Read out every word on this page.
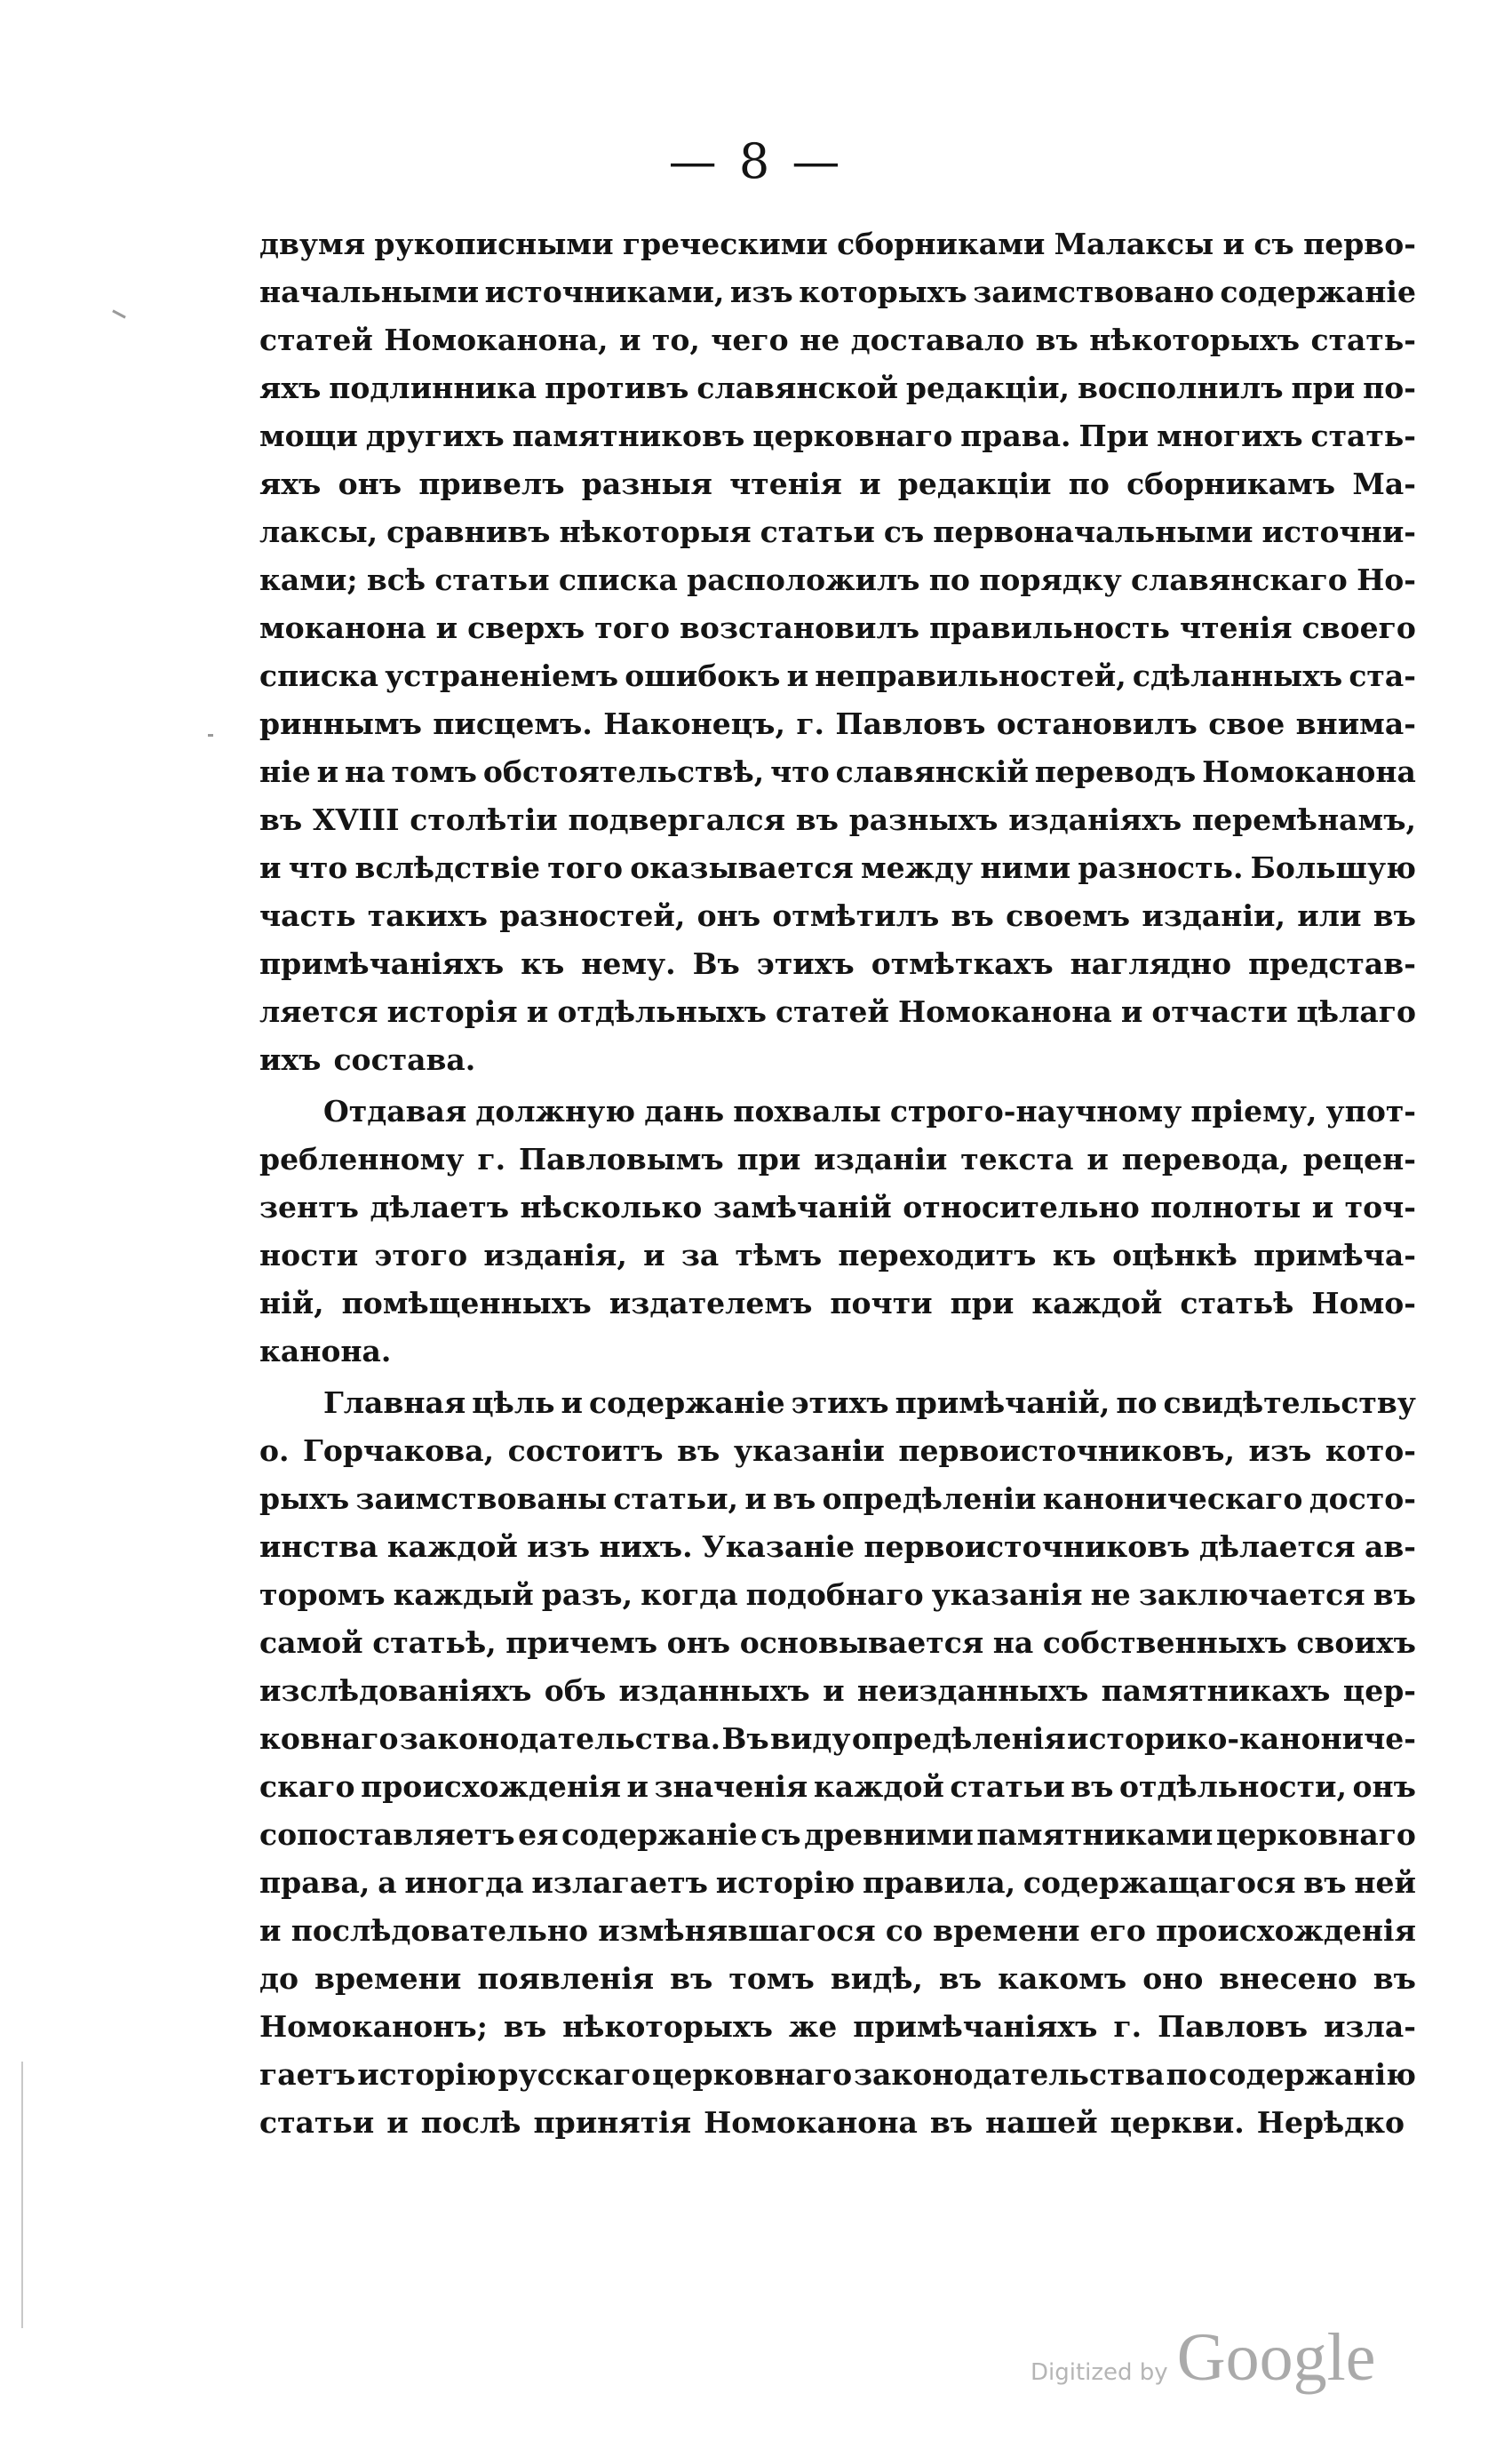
— 8 —
двумя рукописными греческими сборниками Малаксы и съ перво-
начальными источниками, изъ которыхъ заимствовано содержаніе
статей Номоканона, и то, чего не доставало въ нѣкоторыхъ стать-
яхъ подлинника противъ славянской редакціи, восполнилъ при по-
мощи другихъ памятниковъ церковнаго права. При многихъ стать-
яхъ онъ привелъ разныя чтенія и редакціи по сборникамъ Ма-
лаксы, сравнивъ нѣкоторыя статьи съ первоначальными источни-
ками; всѣ статьи списка расположилъ по порядку славянскаго Но-
моканона и сверхъ того возстановилъ правильность чтенія своего
списка устраненіемъ ошибокъ и неправильностей, сдѣланныхъ ста-
риннымъ писцемъ. Наконецъ, г. Павловъ остановилъ свое внима-
ніе и на томъ обстоятельствѣ, что славянскій переводъ Номоканона
въ XVIII столѣтіи подвергался въ разныхъ изданіяхъ перемѣнамъ,
и что вслѣдствіе того оказывается между ними разность. Большую
часть такихъ разностей, онъ отмѣтилъ въ своемъ изданіи, или въ
примѣчаніяхъ къ нему. Въ этихъ отмѣткахъ наглядно представ-
ляется исторія и отдѣльныхъ статей Номоканона и отчасти цѣлаго
ихъ состава.
Отдавая должную дань похвалы строго-научному пріему, упот-
ребленному г. Павловымъ при изданіи текста и перевода, рецен-
зентъ дѣлаетъ нѣсколько замѣчаній относительно полноты и точ-
ности этого изданія, и за тѣмъ переходитъ къ оцѣнкѣ примѣча-
ній, помѣщенныхъ издателемъ почти при каждой статьѣ Номо-
канона.
Главная цѣль и содержаніе этихъ примѣчаній, по свидѣтельству
о. Горчакова, состоитъ въ указаніи первоисточниковъ, изъ кото-
рыхъ заимствованы статьи, и въ опредѣленіи каноническаго досто-
инства каждой изъ нихъ. Указаніе первоисточниковъ дѣлается ав-
торомъ каждый разъ, когда подобнаго указанія не заключается въ
самой статьѣ, причемъ онъ основывается на собственныхъ своихъ
изслѣдованіяхъ объ изданныхъ и неизданныхъ памятникахъ цер-
ковнаго законодательства. Въ виду опредѣленія историко-канониче-
скаго происхожденія и значенія каждой статьи въ отдѣльности, онъ
сопоставляетъ ея содержаніе съ древними памятниками церковнаго
права, а иногда излагаетъ исторію правила, содержащагося въ ней
и послѣдовательно измѣнявшагося со времени его происхожденія
до времени появленія въ томъ видѣ, въ какомъ оно внесено въ
Номоканонъ; въ нѣкоторыхъ же примѣчаніяхъ г. Павловъ изла-
гаетъ исторію русскаго церковнаго законодательства по содержанію
статьи и послѣ принятія Номоканона въ нашей церкви. Нерѣдко
Digitized by Google
